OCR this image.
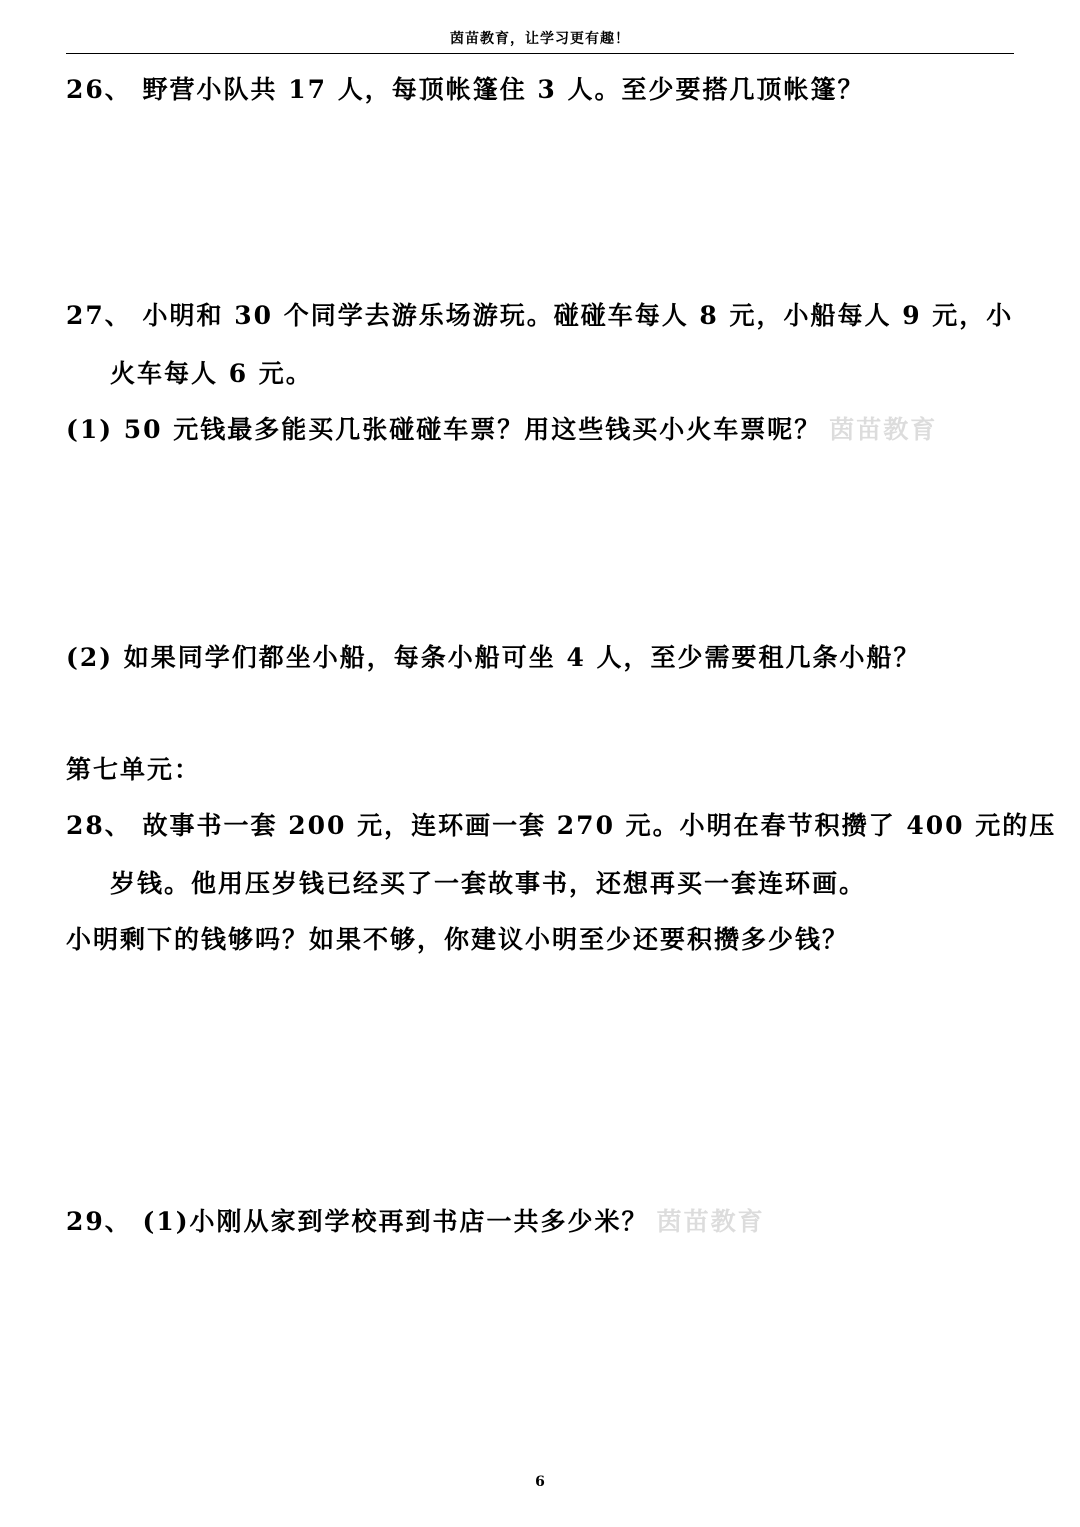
茵苗教育，让学习更有趣！
26、 野营小队共 17 人，每顶帐篷住 3 人。至少要搭几顶帐篷？
27、 小明和 30 个同学去游乐场游玩。碰碰车每人 8 元，小船每人 9 元，小
火车每人 6 元。
(1) 50 元钱最多能买几张碰碰车票？用这些钱买小火车票呢？ 茵苗教育
(2) 如果同学们都坐小船，每条小船可坐 4 人，至少需要租几条小船？
第七单元：
28、 故事书一套 200 元，连环画一套 270 元。小明在春节积攒了 400 元的压
岁钱。他用压岁钱已经买了一套故事书，还想再买一套连环画。
小明剩下的钱够吗？如果不够，你建议小明至少还要积攒多少钱？
29、 (1)小刚从家到学校再到书店一共多少米？ 茵苗教育
6
